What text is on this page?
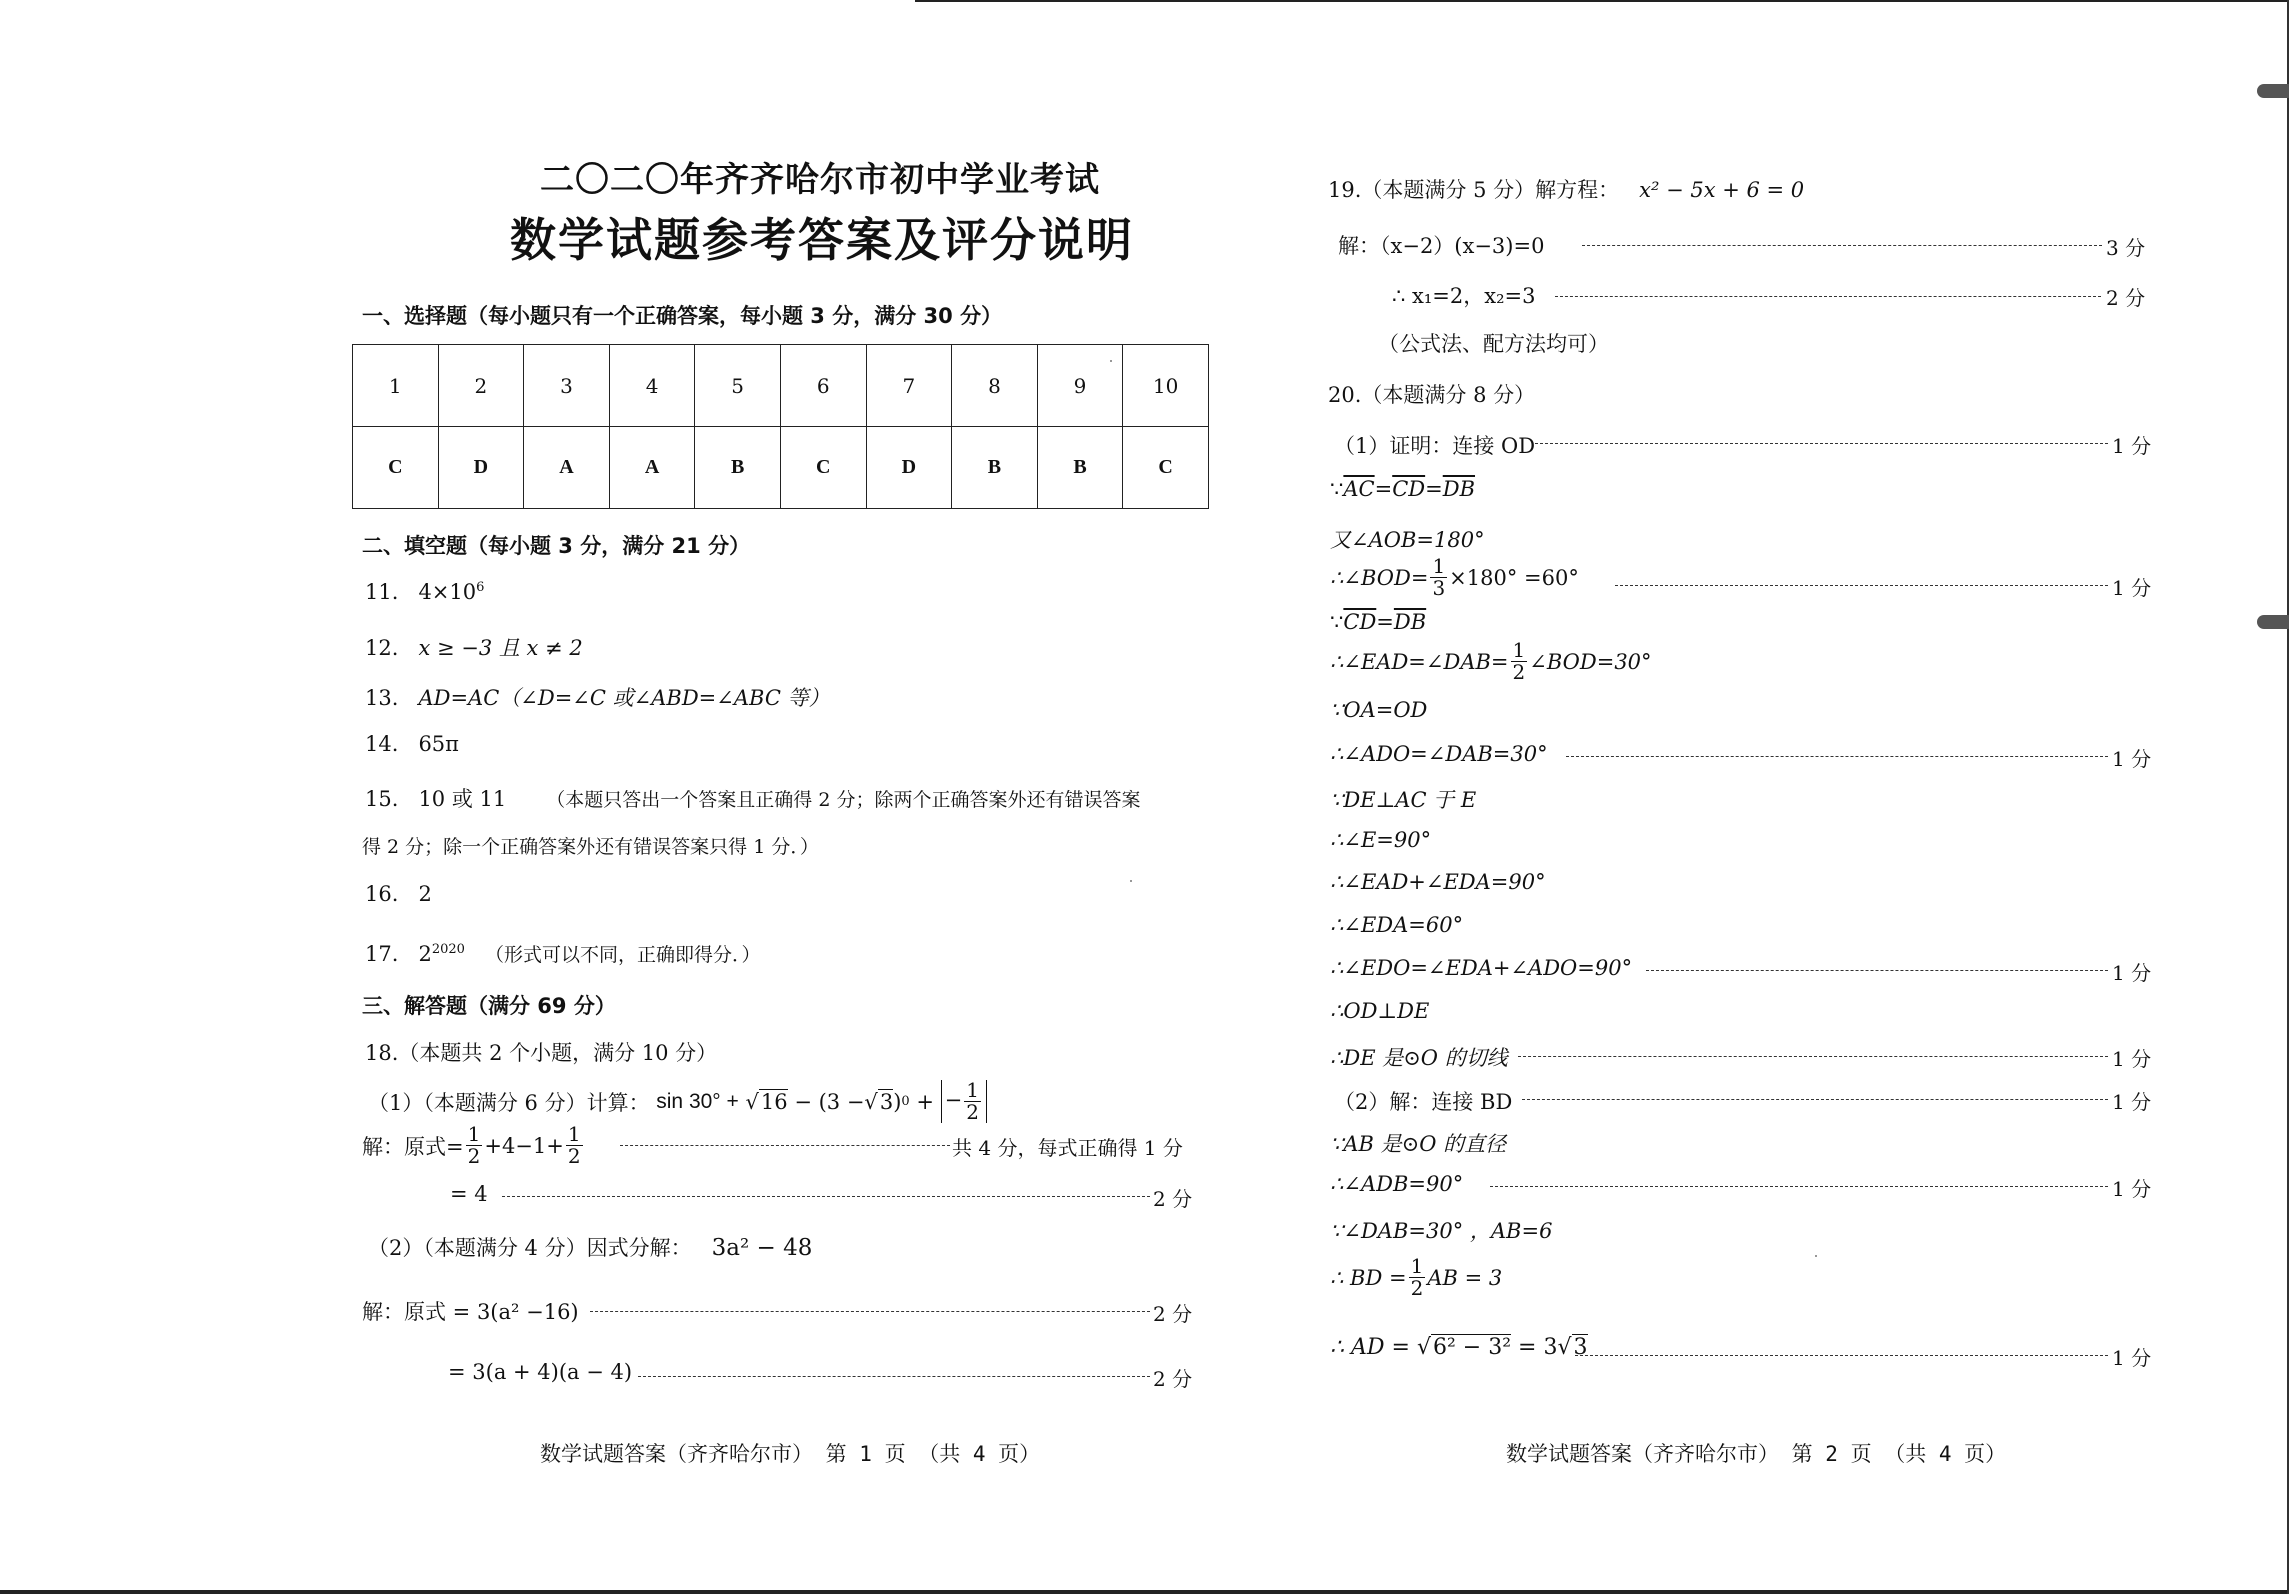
二〇二〇年齐齐哈尔市初中学业考试
数学试题参考答案及评分说明
一、选择题（每小题只有一个正确答案，每小题 3 分，满分 30 分）
1	2	3	4	5	6	7	8	9	10
C	D	A	A	B	C	D	B	B	C
二、填空题（每小题 3 分，满分 21 分）
11. $4\times 10^6$
12. x ≥ −3 且 x ≠ 2
13. AD=AC（∠D=∠C 或∠ABD=∠ABC 等）
14. 65π
15. 10 或 11 （本题只答出一个答案且正确得 2 分；除两个正确答案外还有错误答案
得 2 分；除一个正确答案外还有错误答案只得 1 分．）
16. 2
17. $2^{2020}$ （形式可以不同，正确即得分．）
三、解答题（满分 69 分）
18.（本题共 2 个小题，满分 10 分）
（1）（本题满分 6 分）计算：
sin 30° +
√ 16
− (3 − √ 3 ) 0
+
− $\frac{1}{2}$
解：原式= $\frac{1}{2} +4-1+ \frac{1}{2}$	共 4 分，每式正确得 1 分
= 4	2 分
（2）（本题满分 4 分）因式分解： 3a² − 48
解：原式 = 3(a² −16)	2 分
= 3(a + 4)(a − 4)	2 分
数学试题答案（齐齐哈尔市） 第 1 页 （共 4 页）
19.（本题满分 5 分）解方程： x² − 5x + 6 = 0
解：（x−2）(x−3)=0	3 分
∴ x₁=2，x₂=3	2 分
（公式法、配方法均可）
20.（本题满分 8 分）
（1）证明：连接 OD	1 分
$\because\overline{AC}=\overline{CD}=\overline{DB}$
又∠AOB=180°
∴∠BOD= $\frac{1}{3} \times 180^\circ =60^\circ$	1 分
$\because\overline{CD}=\overline{DB}$
∴∠EAD=∠DAB= $\frac{1}{2}$ ∠BOD=30°
∵OA=OD
∴∠ADO=∠DAB=30°	1 分
∵DE⊥AC 于 E
∴∠E=90°
∴∠EAD+∠EDA=90°
∴∠EDA=60°
∴∠EDO=∠EDA+∠ADO=90°	1 分
∴OD⊥DE
∴DE 是⊙O 的切线	1 分
（2）解：连接 BD	1 分
∵AB 是⊙O 的直径
∴∠ADB=90°	1 分
∵∠DAB=30° ，AB=6
∴ BD = $\frac{1}{2}$ AB = 3
∴ AD = √6² − 3² = 3√3	1 分
数学试题答案（齐齐哈尔市） 第 2 页 （共 4 页）
